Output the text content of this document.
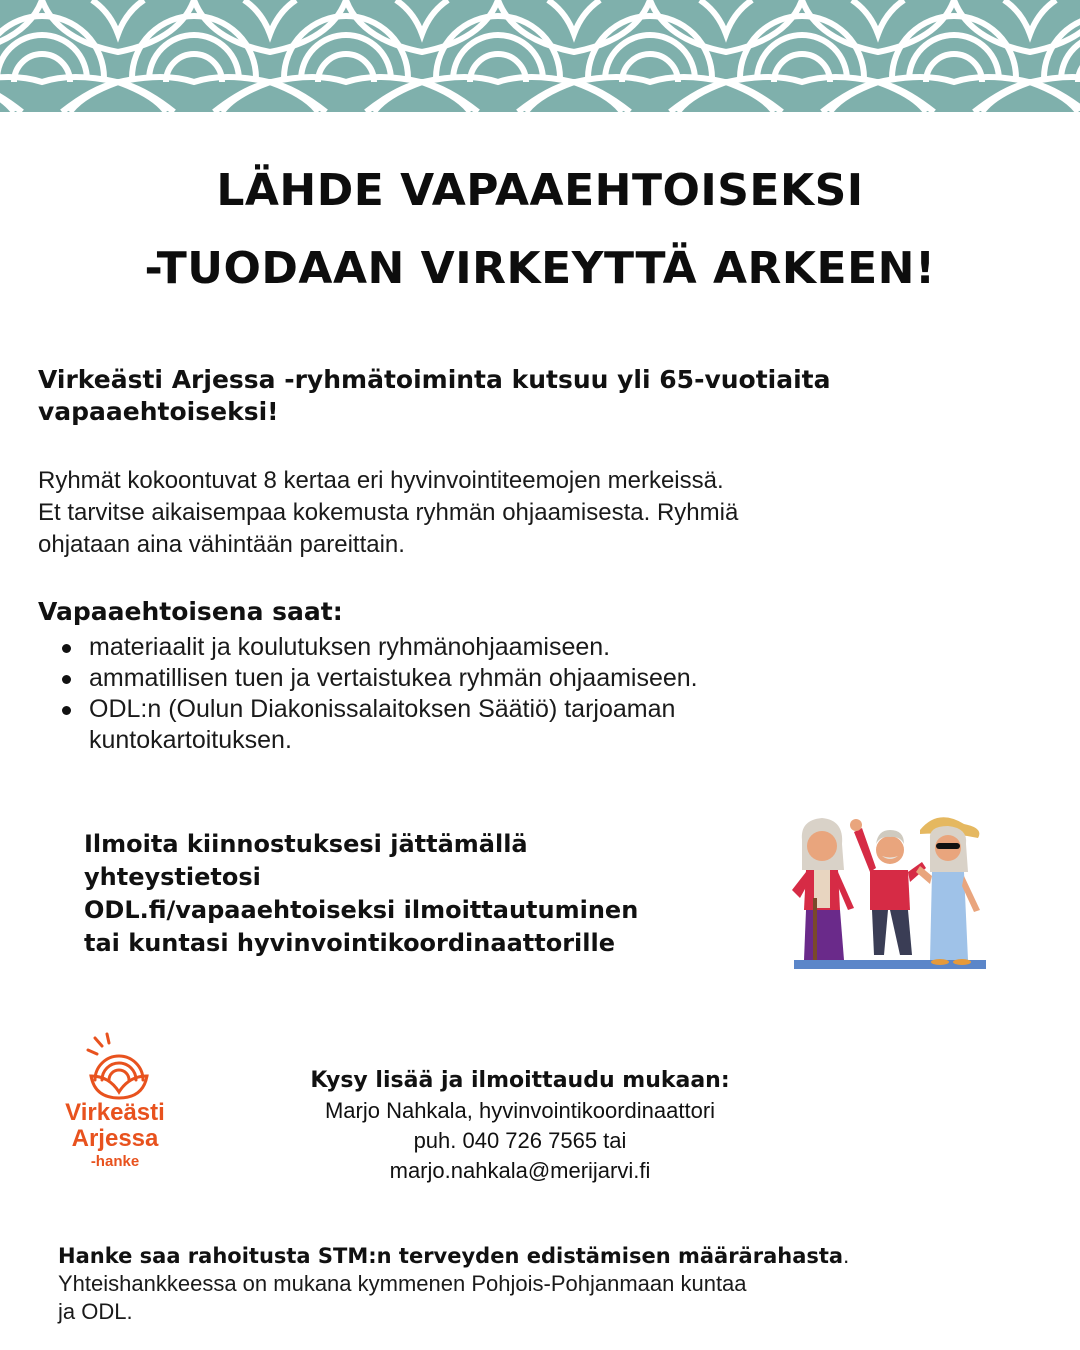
LÄHDE VAPAAEHTOISEKSI
-TUODAAN VIRKEYTTÄ ARKEEN!
Virkeästi Arjessa -ryhmätoiminta kutsuu yli 65-vuotiaita
vapaaehtoiseksi!
Ryhmät kokoontuvat 8 kertaa eri hyvinvointiteemojen merkeissä.
Et tarvitse aikaisempaa kokemusta ryhmän ohjaamisesta. Ryhmiä
ohjataan aina vähintään pareittain.
Vapaaehtoisena saat:
materiaalit ja koulutuksen ryhmänohjaamiseen.
ammatillisen tuen ja vertaistukea ryhmän ohjaamiseen.
ODL:n (Oulun Diakonissalaitoksen Säätiö) tarjoaman
kuntokartoituksen.
Ilmoita kiinnostuksesi jättämällä
yhteystietosi
ODL.fi/vapaaehtoiseksi ilmoittautuminen
tai kuntasi hyvinvointikoordinaattorille
Virkeästi
Arjessa
-hanke
Kysy lisää ja ilmoittaudu mukaan:
Marjo Nahkala, hyvinvointikoordinaattori
puh. 040 726 7565 tai
marjo.nahkala@merijarvi.fi
Hanke saa rahoitusta STM:n terveyden edistämisen määrärahasta.
Yhteishankkeessa on mukana kymmenen Pohjois-Pohjanmaan kuntaa
ja ODL.
